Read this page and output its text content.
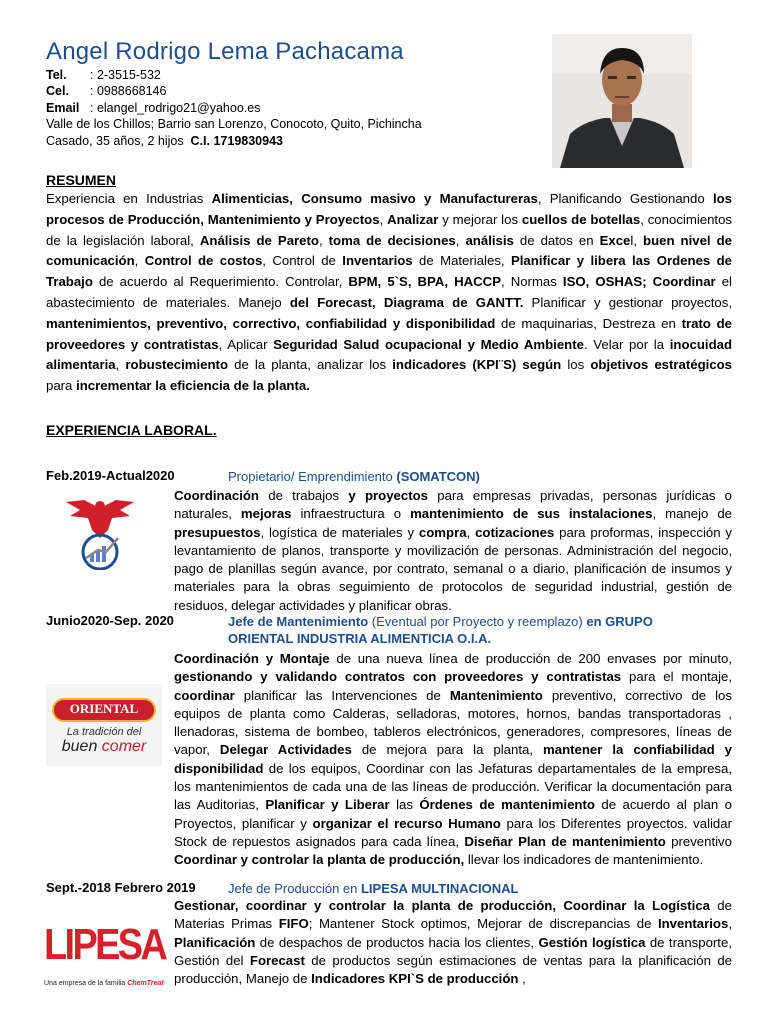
Angel Rodrigo Lema Pachacama
Tel. : 2-3515-532
Cel. : 0988668146
Email : elangel_rodrigo21@yahoo.es
Valle de los Chillos; Barrio san Lorenzo, Conocoto, Quito, Pichincha
Casado, 35 años, 2 hijos C.I. 1719830943
RESUMEN
Experiencia en Industrias Alimenticias, Consumo masivo y Manufactureras, Planificando Gestionando los procesos de Producción, Mantenimiento y Proyectos, Analizar y mejorar los cuellos de botellas, conocimientos de la legislación laboral, Análisis de Pareto, toma de decisiones, análisis de datos en Excel, buen nivel de comunicación, Control de costos, Control de Inventarios de Materiales, Planificar y libera las Ordenes de Trabajo de acuerdo al Requerimiento. Controlar, BPM, 5`S, BPA, HACCP, Normas ISO, OSHAS; Coordinar el abastecimiento de materiales. Manejo del Forecast, Diagrama de GANTT. Planificar y gestionar proyectos, mantenimientos, preventivo, correctivo, confiabilidad y disponibilidad de maquinarias, Destreza en trato de proveedores y contratistas, Aplicar Seguridad Salud ocupacional y Medio Ambiente. Velar por la inocuidad alimentaria, robustecimiento de la planta, analizar los indicadores (KPI¨S) según los objetivos estratégicos para incrementar la eficiencia de la planta.
EXPERIENCIA LABORAL.
Feb.2019-Actual2020	Propietario/ Emprendimiento (SOMATCON)
Coordinación de trabajos y proyectos para empresas privadas, personas jurídicas o naturales, mejoras infraestructura o mantenimiento de sus instalaciones, manejo de presupuestos, logística de materiales y compra, cotizaciones para proformas, inspección y levantamiento de planos, transporte y movilización de personas. Administración del negocio, pago de planillas según avance, por contrato, semanal o a diario, planificación de insumos y materiales para la obras seguimiento de protocolos de seguridad industrial, gestión de residuos, delegar actividades y planificar obras.
Junio2020-Sep. 2020	Jefe de Mantenimiento (Eventual por Proyecto y reemplazo) en GRUPO
ORIENTAL INDUSTRIA ALIMENTICIA O.I.A.
ORIENTAL
La tradición del
buen comer
Coordinación y Montaje de una nueva línea de producción de 200 envases por minuto, gestionando y validando contratos con proveedores y contratistas para el montaje, coordinar planificar las Intervenciones de Mantenimiento preventivo, correctivo de los equipos de planta como Calderas, selladoras, motores, hornos, bandas transportadoras , llenadoras, sistema de bombeo, tableros electrónicos, generadores, compresores, líneas de vapor, Delegar Actividades de mejora para la planta, mantener la confiabilidad y disponibilidad de los equipos, Coordinar con las Jefaturas departamentales de la empresa, los mantenimientos de cada una de las líneas de producción. Verificar la documentación para las Auditorias, Planificar y Liberar las Órdenes de mantenimiento de acuerdo al plan o Proyectos, planificar y organizar el recurso Humano para los Diferentes proyectos. validar Stock de repuestos asignados para cada línea, Diseñar Plan de mantenimiento preventivo Coordinar y controlar la planta de producción, llevar los indicadores de mantenimiento.
Sept.-2018 Febrero 2019 Jefe de Producción en LIPESA MULTINACIONAL
LIPESA
Una empresa de la familia ChemTreat
Gestionar, coordinar y controlar la planta de producción, Coordinar la Logística de Materias Primas FIFO; Mantener Stock optimos, Mejorar de discrepancias de Inventarios, Planificación de despachos de productos hacia los clientes, Gestión logística de transporte, Gestión del Forecast de productos según estimaciones de ventas para la planificación de producción, Manejo de Indicadores KPI`S de producción ,
